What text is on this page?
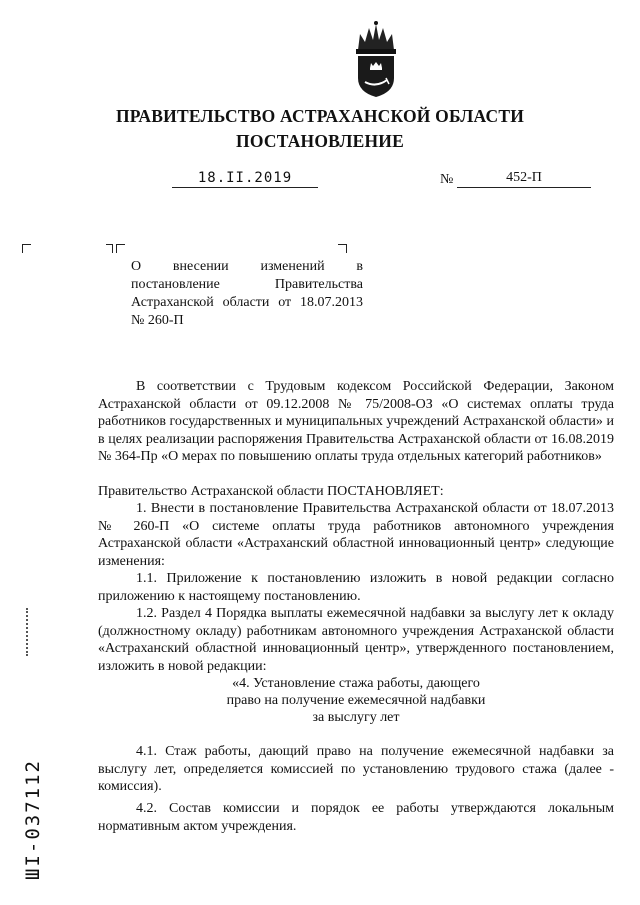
ПРАВИТЕЛЬСТВО АСТРАХАНСКОЙ ОБЛАСТИ
ПОСТАНОВЛЕНИЕ
18.II.2019	№	452-П
О внесении изменений в постановление Правительства Астраханской области от 18.07.2013 № 260-П
В соответствии с Трудовым кодексом Российской Федерации, Законом Астраханской области от 09.12.2008 № 75/2008-ОЗ «О системах оплаты труда работников государственных и муниципальных учреждений Астраханской области» и в целях реализации распоряжения Правительства Астраханской области от 16.08.2019 № 364-Пр «О мерах по повышению оплаты труда отдельных категорий работников»
Правительство Астраханской области ПОСТАНОВЛЯЕТ:
1. Внести в постановление Правительства Астраханской области от 18.07.2013 № 260-П «О системе оплаты труда работников автономного учреждения Астраханской области «Астраханский областной инновационный центр» следующие изменения:
1.1. Приложение к постановлению изложить в новой редакции согласно приложению к настоящему постановлению.
1.2. Раздел 4 Порядка выплаты ежемесячной надбавки за выслугу лет к окладу (должностному окладу) работникам автономного учреждения Астраханской области «Астраханский областной инновационный центр», утвержденного постановлением, изложить в новой редакции:
«4. Установление стажа работы, дающего
право на получение ежемесячной надбавки
за выслугу лет
4.1. Стаж работы, дающий право на получение ежемесячной надбавки за выслугу лет, определяется комиссией по установлению трудового стажа (далее - комиссия).
4.2. Состав комиссии и порядок ее работы утверждаются локальным нормативным актом учреждения.
ШI-037112
